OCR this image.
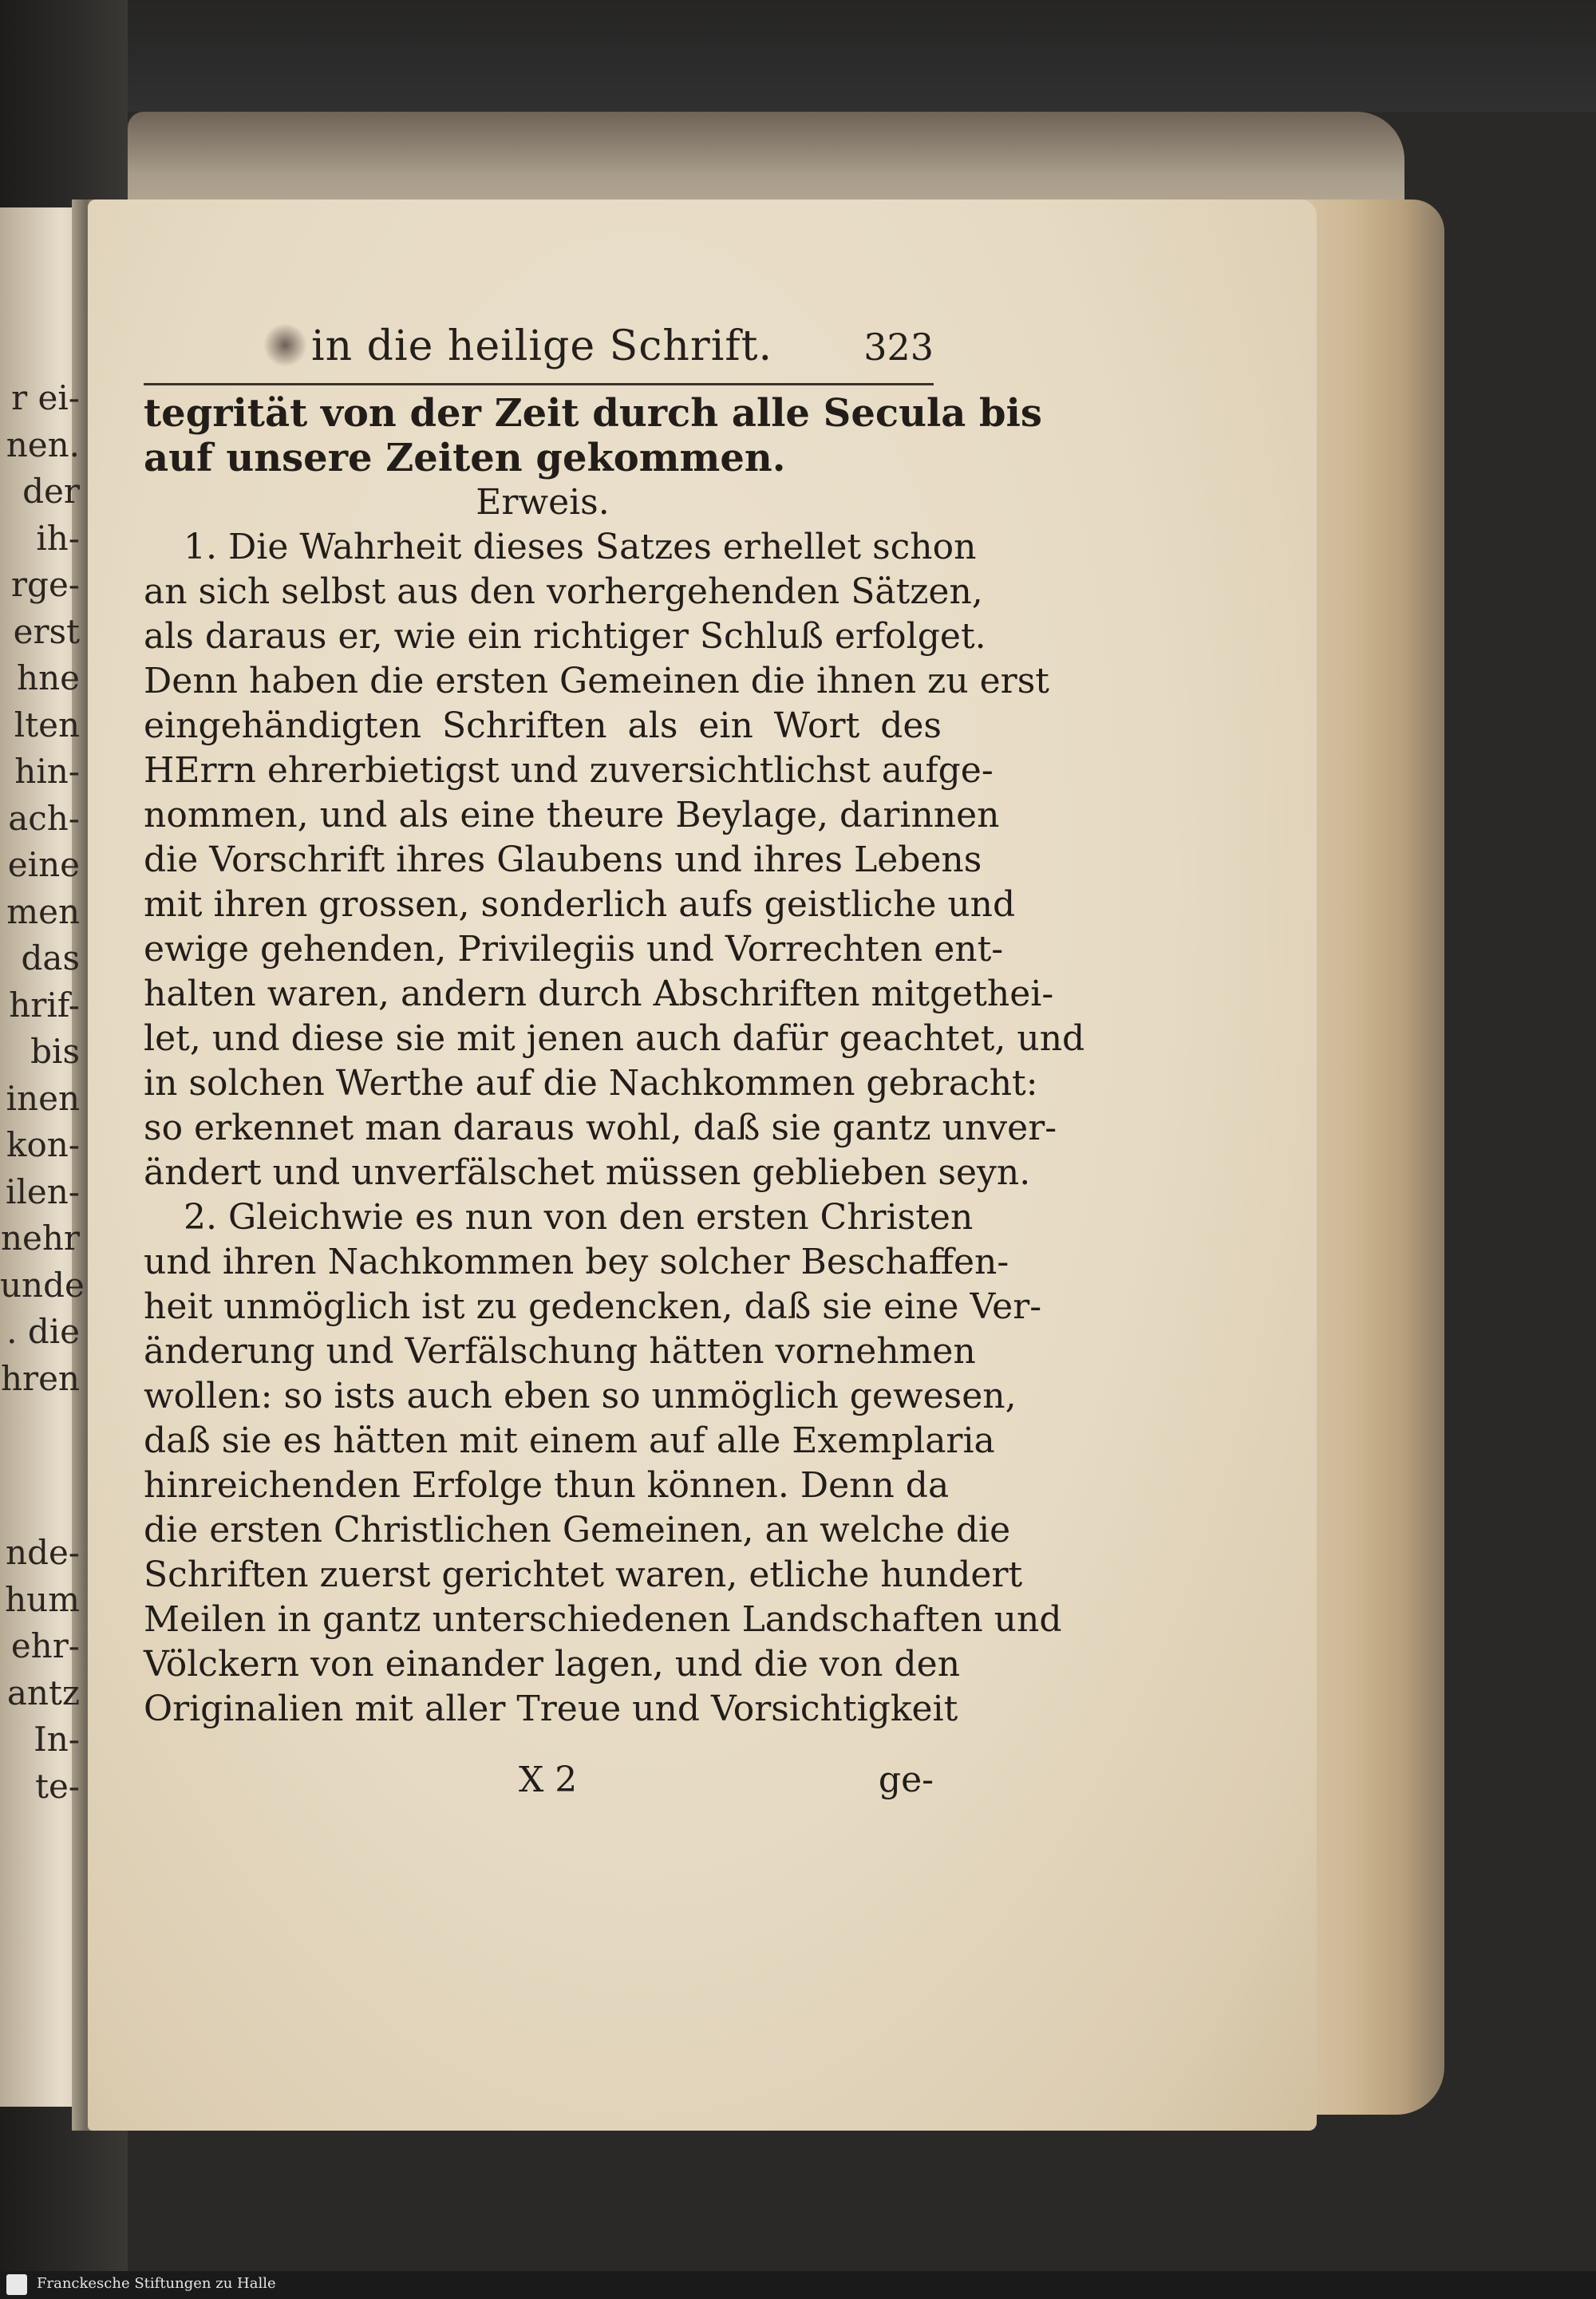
r ei-
nen.
der
ih-
rge-
erst
hne
lten
hin-
ach-
eine
men
das
hrif-
bis
inen
kon-
ilen-
nehr
unde
. die
hren
nde-
hum
ehr-
antz
In-
te-
in die heilige Schrift. 323
tegrität von der Zeit durch alle Secula bis
auf unsere Zeiten gekommen.
Erweis.
1. Die Wahrheit dieses Satzes erhellet schon
an sich selbst aus den vorhergehenden Sätzen,
als daraus er, wie ein richtiger Schluß erfolget.
Denn haben die ersten Gemeinen die ihnen zu erst
eingehändigten Schriften als ein Wort des
HErrn ehrerbietigst und zuversichtlichst aufge-
nommen, und als eine theure Beylage, darinnen
die Vorschrift ihres Glaubens und ihres Lebens
mit ihren grossen, sonderlich aufs geistliche und
ewige gehenden, Privilegiis und Vorrechten ent-
halten waren, andern durch Abschriften mitgethei-
let, und diese sie mit jenen auch dafür geachtet, und
in solchen Werthe auf die Nachkommen gebracht:
so erkennet man daraus wohl, daß sie gantz unver-
ändert und unverfälschet müssen geblieben seyn.
2. Gleichwie es nun von den ersten Christen
und ihren Nachkommen bey solcher Beschaffen-
heit unmöglich ist zu gedencken, daß sie eine Ver-
änderung und Verfälschung hätten vornehmen
wollen: so ists auch eben so unmöglich gewesen,
daß sie es hätten mit einem auf alle Exemplaria
hinreichenden Erfolge thun können. Denn da
die ersten Christlichen Gemeinen, an welche die
Schriften zuerst gerichtet waren, etliche hundert
Meilen in gantz unterschiedenen Landschaften und
Völckern von einander lagen, und die von den
Originalien mit aller Treue und Vorsichtigkeit
X 2	ge-
Franckesche Stiftungen zu Halle
